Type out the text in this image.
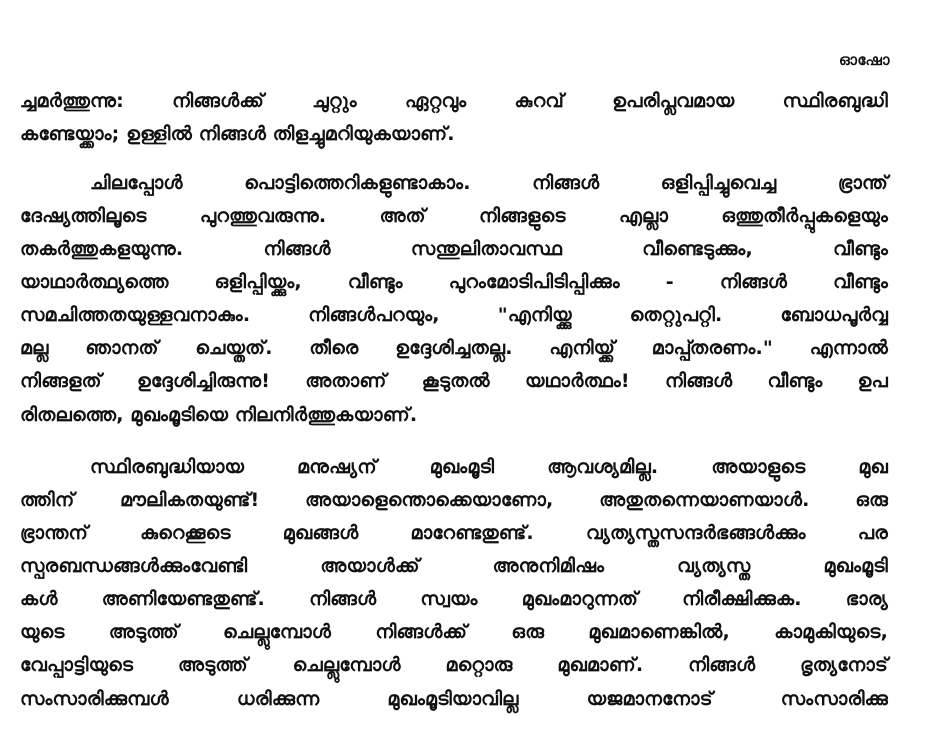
ഓഷോ
ച്ചമർത്തുന്നു: നിങ്ങൾക്ക് ചുറ്റും ഏറ്റവും കുറവ് ഉപരിപ്ലവമായ സ്ഥിരബുദ്ധി
കണ്ടേയ്ക്കാം; ഉള്ളിൽ നിങ്ങൾ തിളച്ചുമറിയുകയാണ്.
ചിലപ്പോൾ പൊട്ടിത്തെറികളുണ്ടാകാം. നിങ്ങൾ ഒളിപ്പിച്ചുവെച്ച ഭ്രാന്ത്
ദേഷ്യത്തിലൂടെ പുറത്തുവരുന്നു. അത് നിങ്ങളുടെ എല്ലാ ഒത്തുതീർപ്പുകളെയും
തകർത്തുകളയുന്നു. നിങ്ങൾ സന്തുലിതാവസ്ഥ വീണ്ടെടുക്കും, വീണ്ടും
യാഥാർത്ഥ്യത്തെ ഒളിപ്പിയ്ക്കും, വീണ്ടും പുറംമോടിപിടിപ്പിക്കും - നിങ്ങൾ വീണ്ടും
സമചിത്തതയുള്ളവനാകും. നിങ്ങൾപറയും, "എനിയ്ക്കു തെറ്റുപറ്റി. ബോധപൂർവ്വ
മല്ല ഞാനത് ചെയ്തത്. തീരെ ഉദ്ദേശിച്ചതല്ല. എനിയ്ക്ക് മാപ്പ്തരണം." എന്നാൽ
നിങ്ങളത് ഉദ്ദേശിച്ചിരുന്നു! അതാണ് കൂടുതൽ യഥാർത്ഥം! നിങ്ങൾ വീണ്ടും ഉപ
രിതലത്തെ, മുഖംമൂടിയെ നിലനിർത്തുകയാണ്.
സ്ഥിരബുദ്ധിയായ മനുഷ്യന് മുഖംമൂടി ആവശ്യമില്ല. അയാളുടെ മുഖ
ത്തിന് മൗലികതയുണ്ട്! അയാളെന്തൊക്കെയാണോ, അതുതന്നെയാണയാൾ. ഒരു
ഭ്രാന്തന് കുറെക്കൂടെ മുഖങ്ങൾ മാറേണ്ടതുണ്ട്. വ്യത്യസ്തസന്ദർഭങ്ങൾക്കും പര
സ്പരബന്ധങ്ങൾക്കുംവേണ്ടി അയാൾക്ക് അനുനിമിഷം വ്യത്യസ്ത മുഖംമൂടി
കൾ അണിയേണ്ടതുണ്ട്. നിങ്ങൾ സ്വയം മുഖംമാറുന്നത് നിരീക്ഷിക്കുക. ഭാര്യ
യുടെ അടുത്ത് ചെല്ലുമ്പോൾ നിങ്ങൾക്ക് ഒരു മുഖമാണെങ്കിൽ, കാമുകിയുടെ,
വേപ്പാട്ടിയുടെ അടുത്ത് ചെല്ലുമ്പോൾ മറ്റൊരു മുഖമാണ്. നിങ്ങൾ ഭൃത്യനോട്
സംസാരിക്കുമ്പൾ ധരിക്കുന്ന മുഖംമൂടിയാവില്ല യജമാനനോട് സംസാരിക്കു
